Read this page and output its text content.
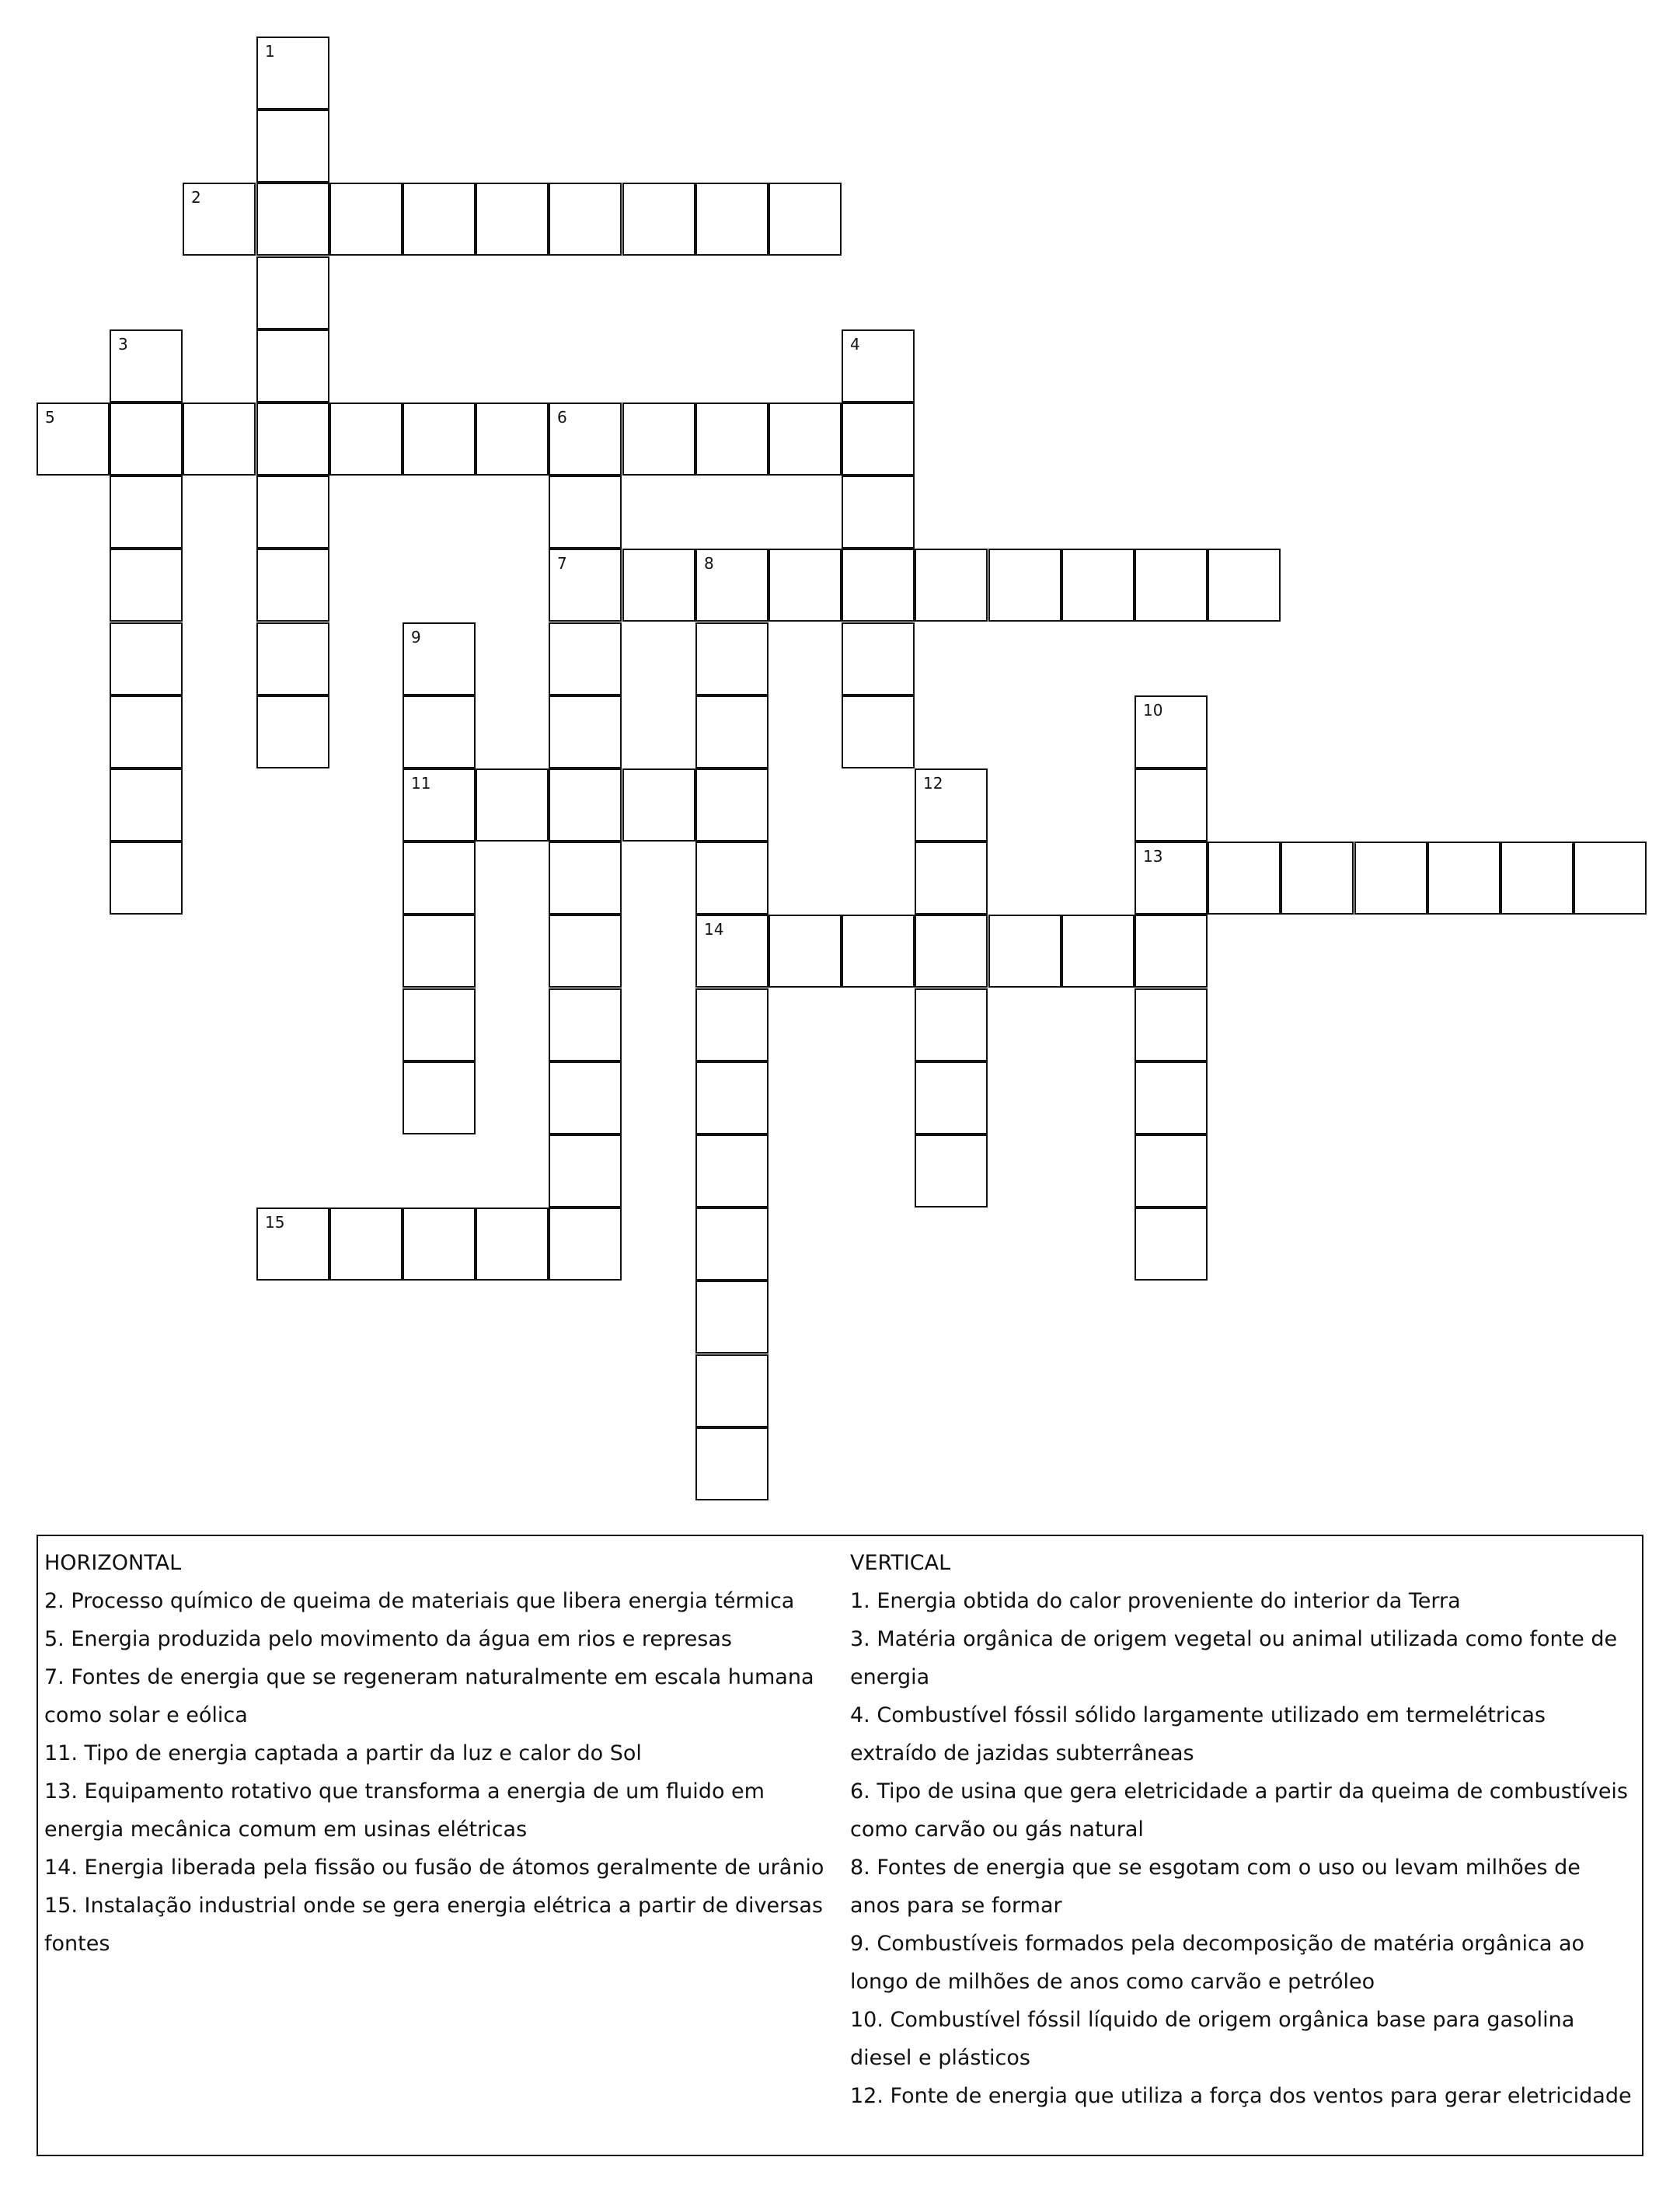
2
5	6
7	8
11
13
14
15
1
3	4
9
10
12
HORIZONTAL
2. Processo químico de queima de materiais que libera energia térmica
5. Energia produzida pelo movimento da água em rios e represas
7. Fontes de energia que se regeneram naturalmente em escala humana como solar e eólica
11. Tipo de energia captada a partir da luz e calor do Sol
13. Equipamento rotativo que transforma a energia de um fluido em energia mecânica comum em usinas elétricas
14. Energia liberada pela fissão ou fusão de átomos geralmente de urânio
15. Instalação industrial onde se gera energia elétrica a partir de diversas fontes
VERTICAL
1. Energia obtida do calor proveniente do interior da Terra
3. Matéria orgânica de origem vegetal ou animal utilizada como fonte de energia
4. Combustível fóssil sólido largamente utilizado em termelétricas extraído de jazidas subterrâneas
6. Tipo de usina que gera eletricidade a partir da queima de combustíveis como carvão ou gás natural
8. Fontes de energia que se esgotam com o uso ou levam milhões de anos para se formar
9. Combustíveis formados pela decomposição de matéria orgânica ao longo de milhões de anos como carvão e petróleo
10. Combustível fóssil líquido de origem orgânica base para gasolina diesel e plásticos
12. Fonte de energia que utiliza a força dos ventos para gerar eletricidade
